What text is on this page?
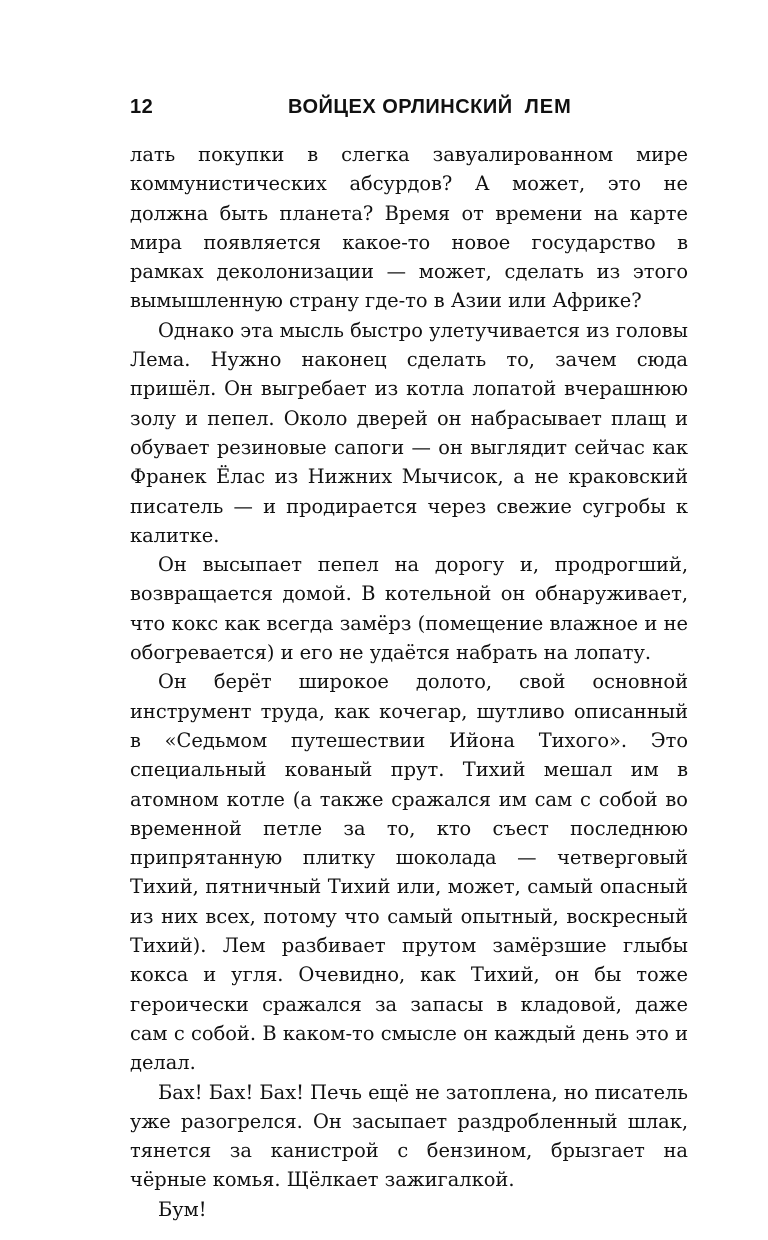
12	ВОЙЦЕХ ОРЛИНСКИЙ ЛЕМ

лать покупки в слегка завуалированном мире коммунистических абсурдов? А может, это не должна быть планета? Время от времени на карте мира появляется какое-то новое государство в рамках деколонизации — может, сделать из этого вымышленную страну где-то в Азии или Африке?

Однако эта мысль быстро улетучивается из головы Лема. Нужно наконец сделать то, зачем сюда пришёл. Он выгребает из котла лопатой вчерашнюю золу и пепел. Около дверей он набрасывает плащ и обувает резиновые сапоги — он выглядит сейчас как Франек Ёлас из Нижних Мычисок, а не краковский писатель — и продирается через свежие сугробы к калитке.

Он высыпает пепел на дорогу и, продрогший, возвращается домой. В котельной он обнаруживает, что кокс как всегда замёрз (помещение влажное и не обогревается) и его не удаётся набрать на лопату.

Он берёт широкое долото, свой основной инструмент труда, как кочегар, шутливо описанный в «Седьмом путешествии Ийона Тихого». Это специальный кованый прут. Тихий мешал им в атомном котле (а также сражался им сам с собой во временной петле за то, кто съест последнюю припрятанную плитку шоколада — четверговый Тихий, пятничный Тихий или, может, самый опасный из них всех, потому что самый опытный, воскресный Тихий). Лем разбивает прутом замёрзшие глыбы кокса и угля. Очевидно, как Тихий, он бы тоже героически сражался за запасы в кладовой, даже сам с собой. В каком-то смысле он каждый день это и делал.

Бах! Бах! Бах! Печь ещё не затоплена, но писатель уже разогрелся. Он засыпает раздробленный шлак, тянется за канистрой с бензином, брызгает на чёрные комья. Щёлкает зажигалкой.

Бум!
